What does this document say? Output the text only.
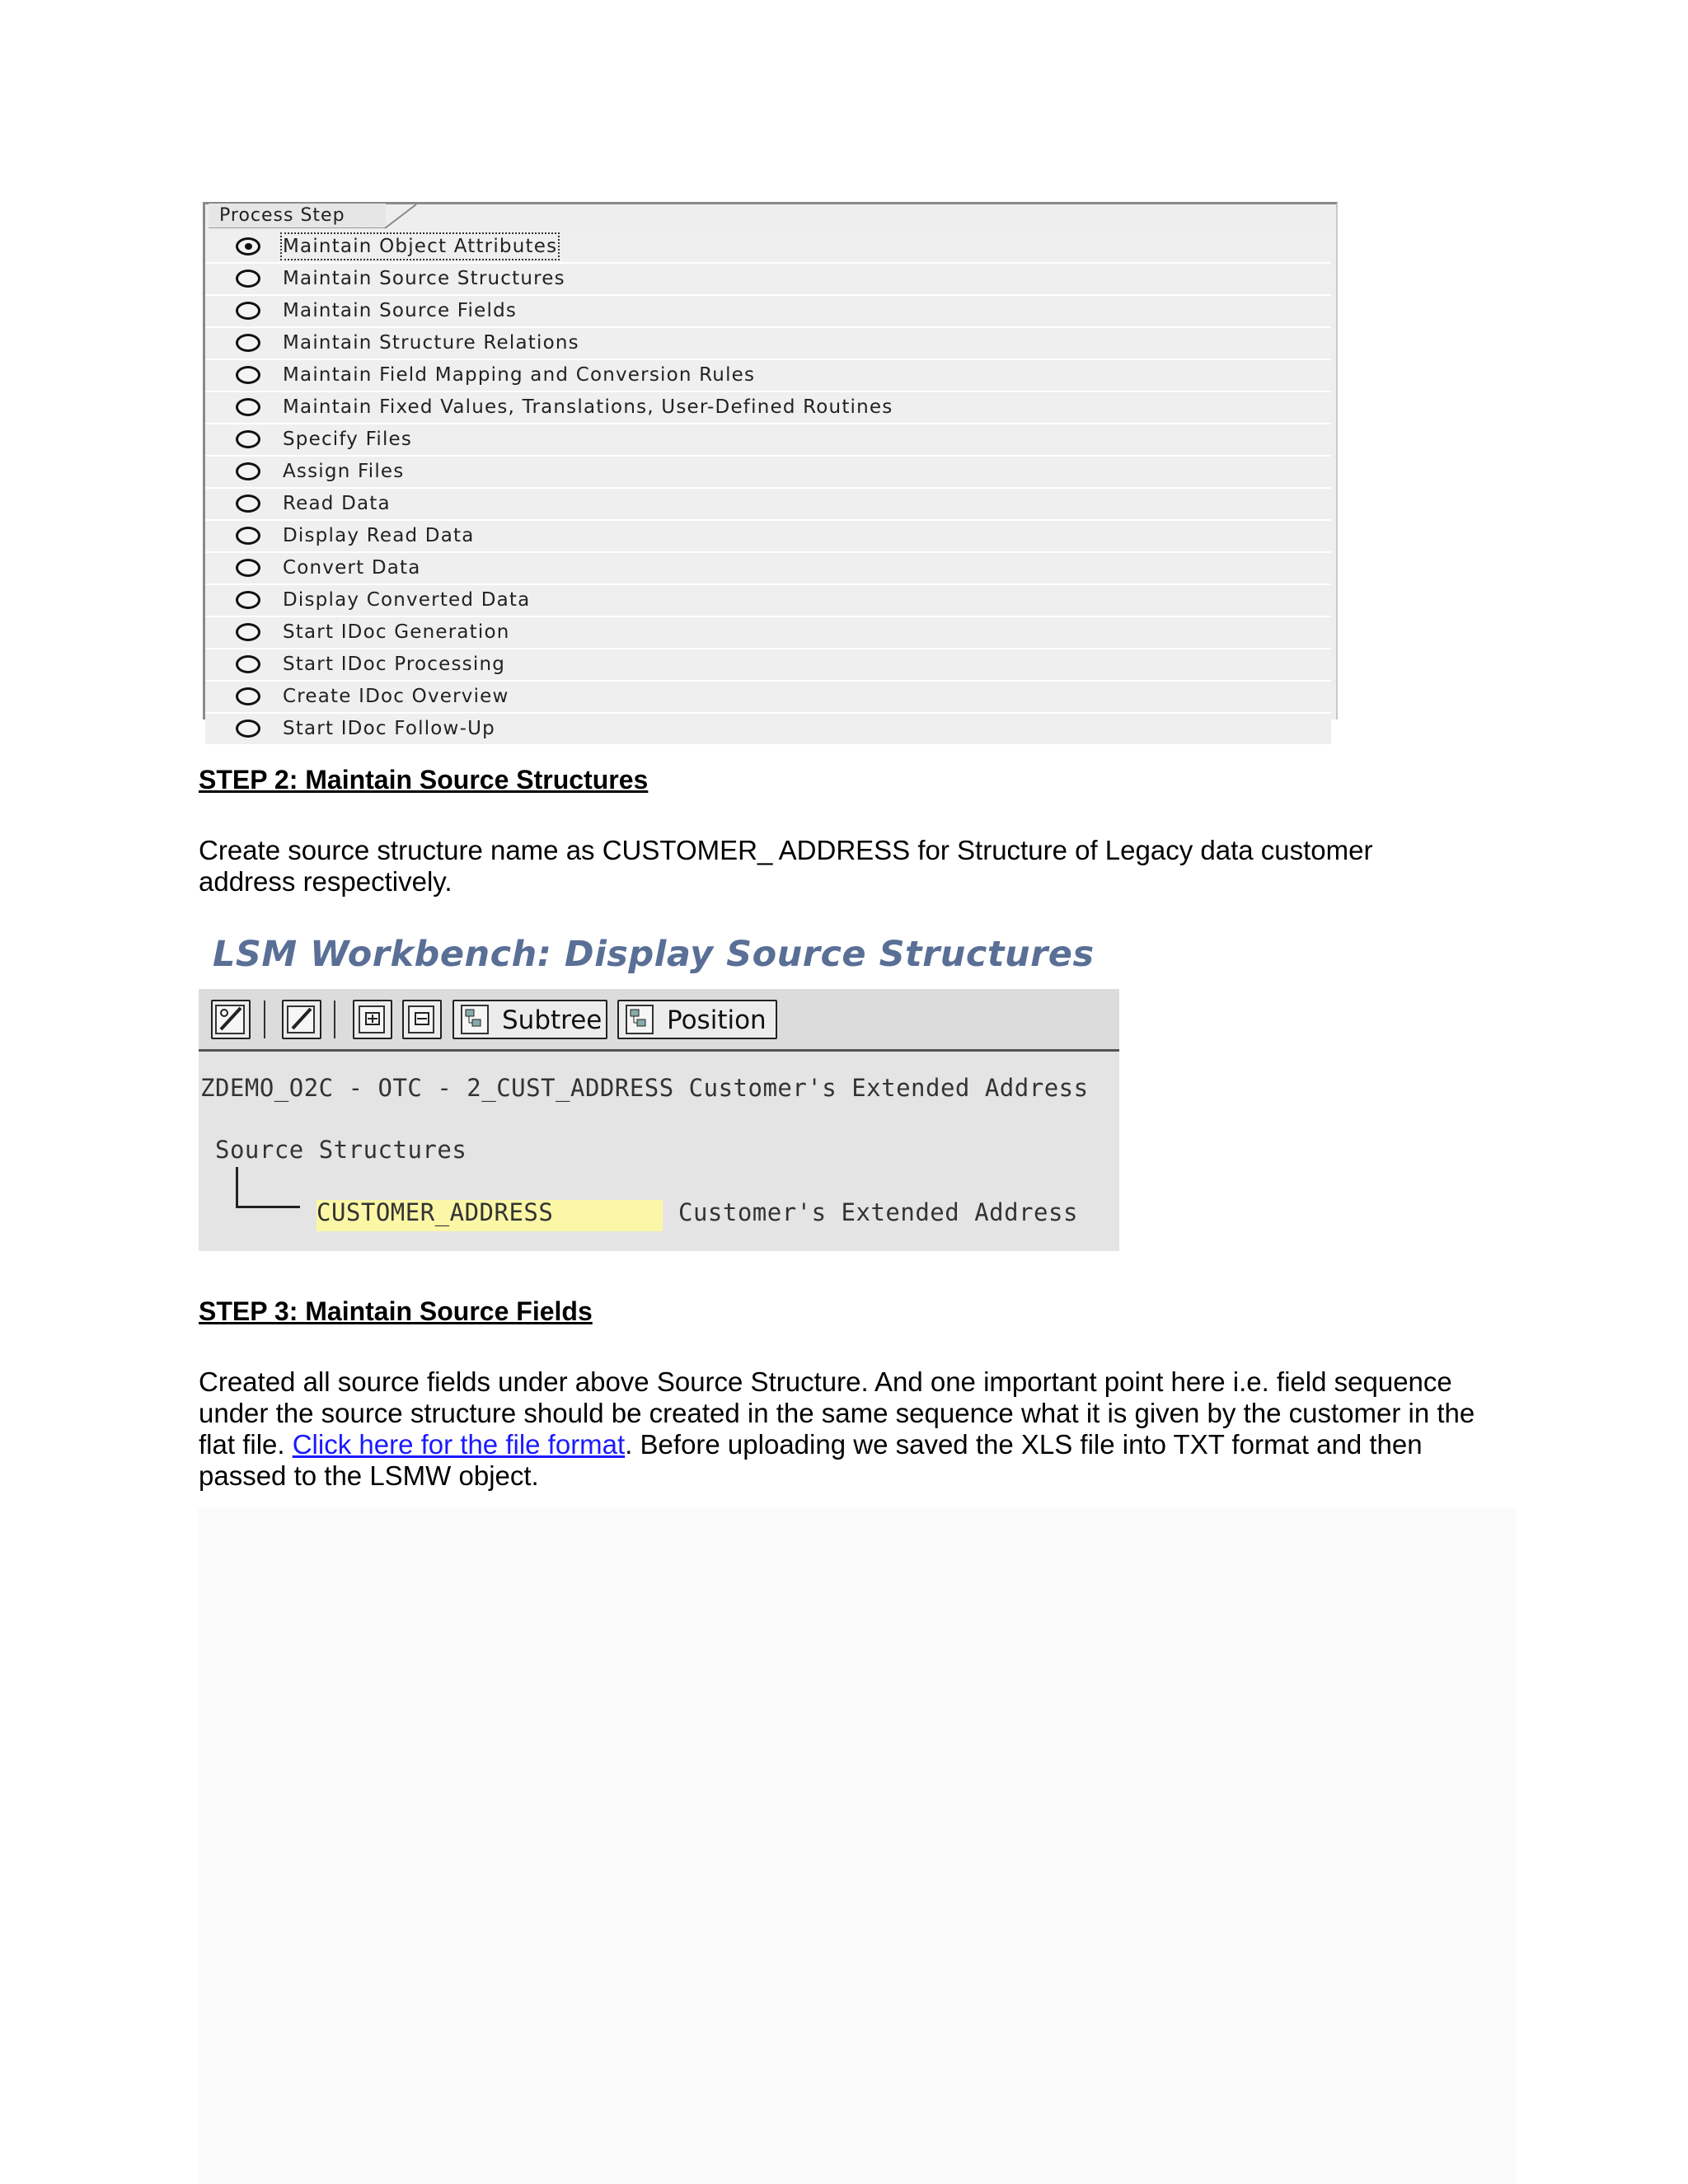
Process Step
Maintain Object Attributes
Maintain Source Structures
Maintain Source Fields
Maintain Structure Relations
Maintain Field Mapping and Conversion Rules
Maintain Fixed Values, Translations, User-Defined Routines
Specify Files
Assign Files
Read Data
Display Read Data
Convert Data
Display Converted Data
Start IDoc Generation
Start IDoc Processing
Create IDoc Overview
Start IDoc Follow-Up
STEP 2: Maintain Source Structures
Create source structure name as CUSTOMER_ ADDRESS for Structure of Legacy data customer address respectively.
LSM Workbench: Display Source Structures
Subtree	Position
ZDEMO_O2C - OTC - 2_CUST_ADDRESS Customer's Extended Address
Source Structures
CUSTOMER_ADDRESS	Customer's Extended Address
STEP 3: Maintain Source Fields
Created all source fields under above Source Structure. And one important point here i.e. field sequence under the source structure should be created in the same sequence what it is given by the customer in the flat file. Click here for the file format. Before uploading we saved the XLS file into TXT format and then passed to the LSMW object.
